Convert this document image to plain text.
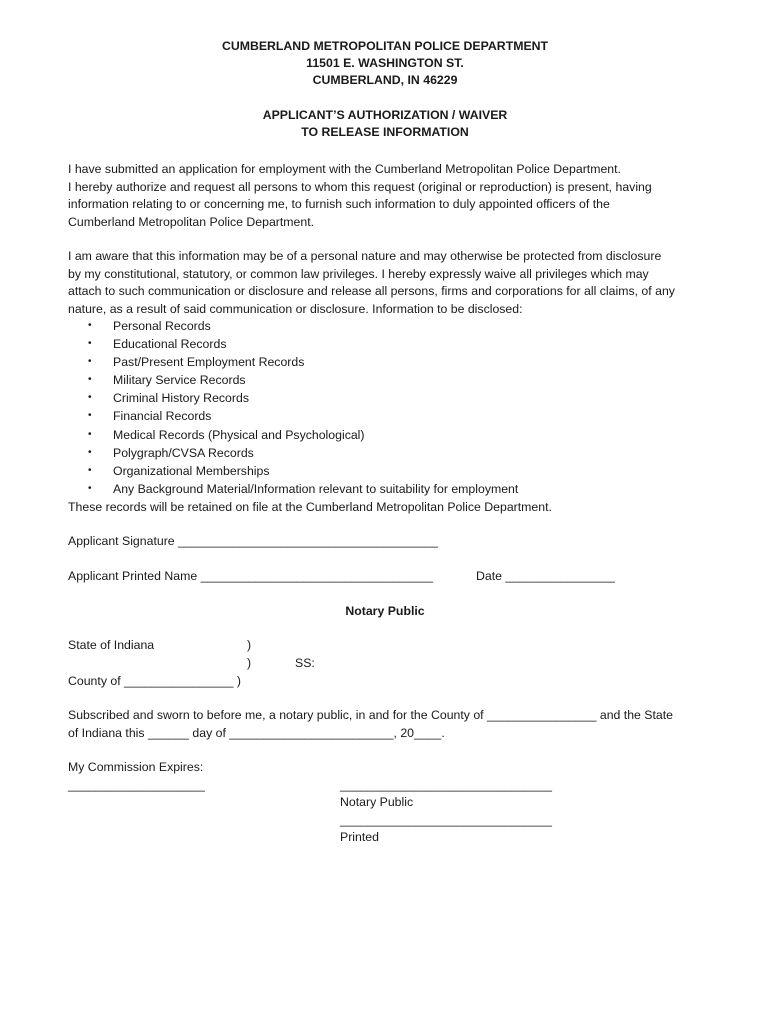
CUMBERLAND METROPOLITAN POLICE DEPARTMENT
11501 E. WASHINGTON ST.
CUMBERLAND, IN 46229
APPLICANT’S AUTHORIZATION / WAIVER
TO RELEASE INFORMATION
I have submitted an application for employment with the Cumberland Metropolitan Police Department.
I hereby authorize and request all persons to whom this request (original or reproduction) is present, having
information relating to or concerning me, to furnish such information to duly appointed officers of the
Cumberland Metropolitan Police Department.
I am aware that this information may be of a personal nature and may otherwise be protected from disclosure
by my constitutional, statutory, or common law privileges. I hereby expressly waive all privileges which may
attach to such communication or disclosure and release all persons, firms and corporations for all claims, of any
nature, as a result of said communication or disclosure. Information to be disclosed:
• Personal Records
• Educational Records
• Past/Present Employment Records
• Military Service Records
• Criminal History Records
• Financial Records
• Medical Records (Physical and Psychological)
• Polygraph/CVSA Records
• Organizational Memberships
• Any Background Material/Information relevant to suitability for employment
These records will be retained on file at the Cumberland Metropolitan Police Department.
Applicant Signature ______________________________________
Applicant Printed Name __________________________________	Date ________________
Notary Public
State of Indiana	)
)	SS:
County of ________________ )
Subscribed and sworn to before me, a notary public, in and for the County of ________________ and the State
of Indiana this ______ day of ________________________, 20____.
My Commission Expires:
____________________	_______________________________
Notary Public
_______________________________
Printed
